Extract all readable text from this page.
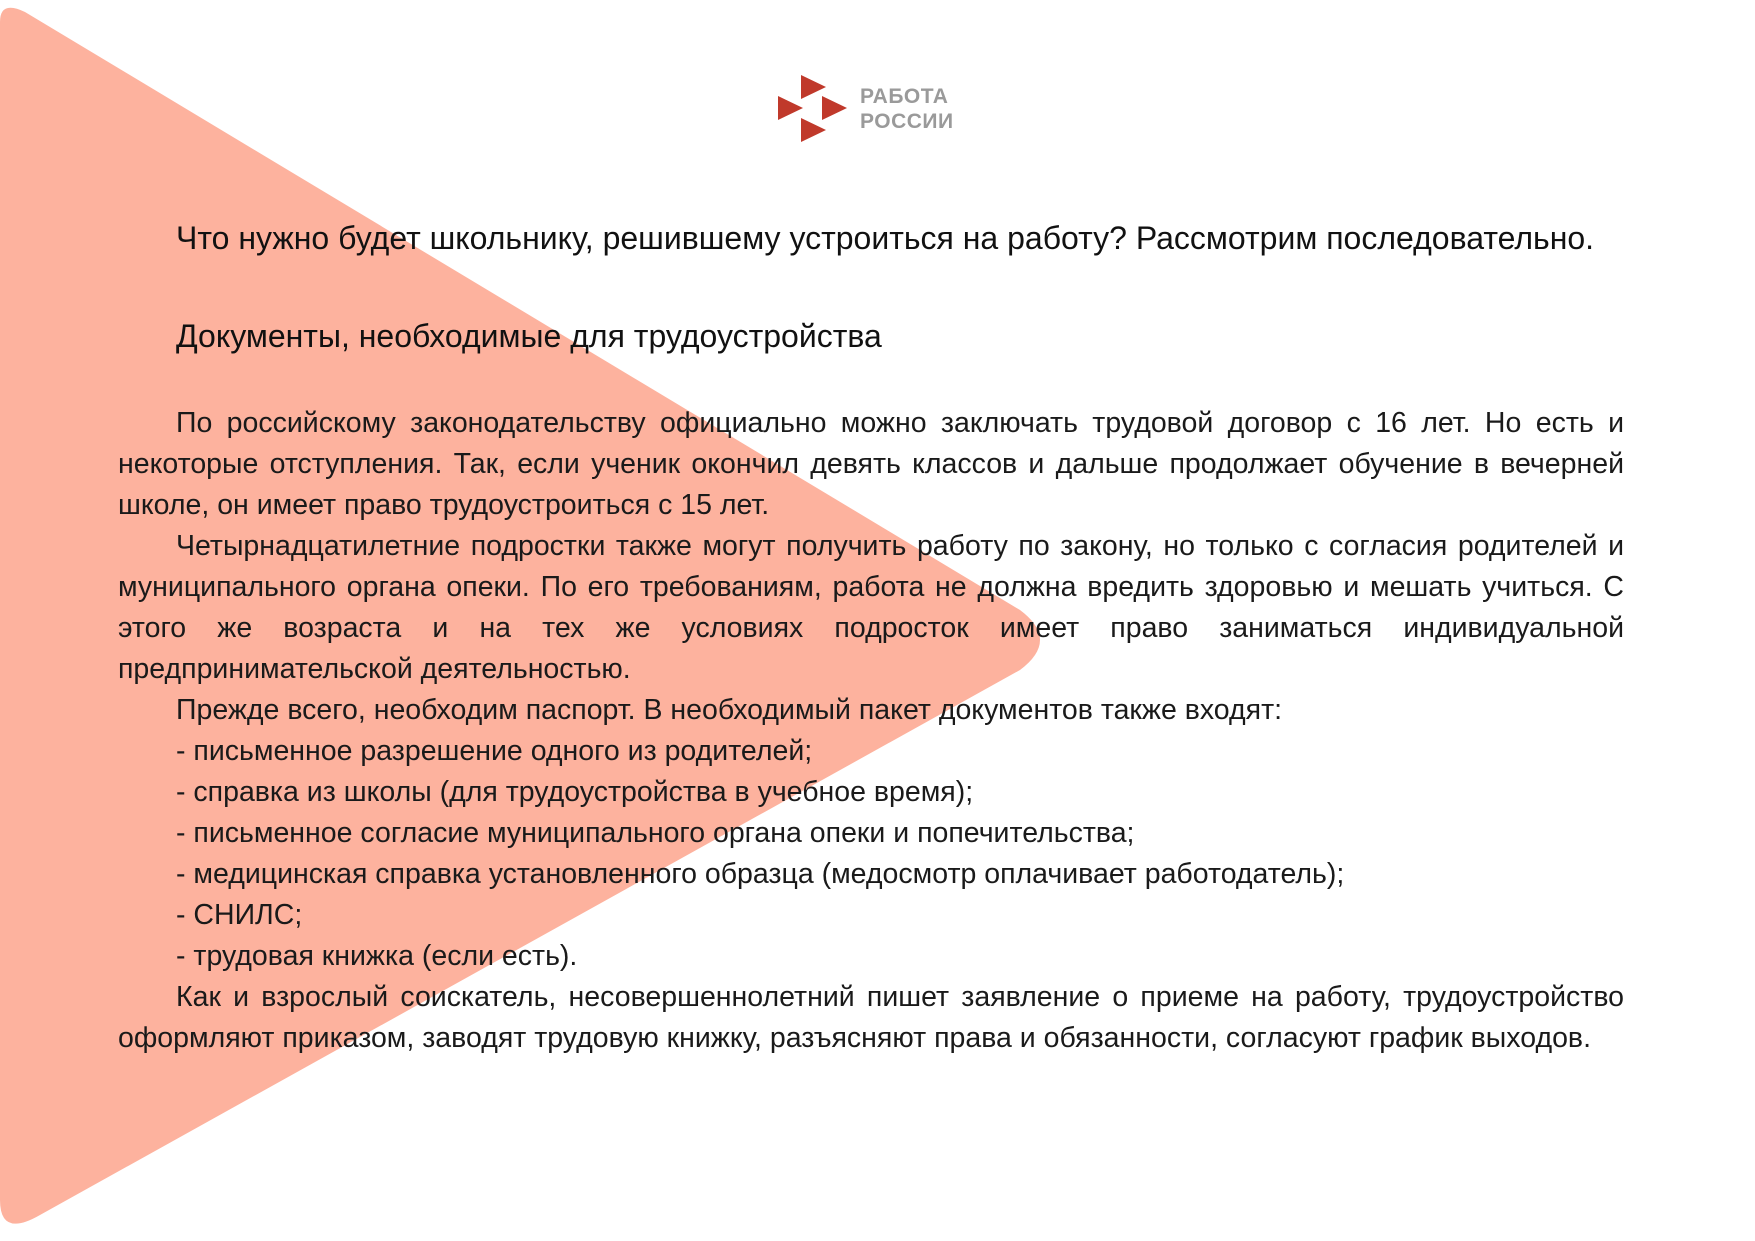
РАБОТА
РОССИИ

Что нужно будет школьнику, решившему устроиться на работу? Рассмотрим последовательно.

Документы, необходимые для трудоустройства

По российскому законодательству официально можно заключать трудовой договор с 16 лет. Но есть и некоторые отступления. Так, если ученик окончил девять классов и дальше продолжает обучение в вечерней школе, он имеет право трудоустроиться с 15 лет.

Четырнадцатилетние подростки также могут получить работу по закону, но только с согласия родителей и муниципального органа опеки. По его требованиям, работа не должна вредить здоровью и мешать учиться. С этого же возраста и на тех же условиях подросток имеет право заниматься индивидуальной предпринимательской деятельностью.

Прежде всего, необходим паспорт. В необходимый пакет документов также входят:

- письменное разрешение одного из родителей;

- справка из школы (для трудоустройства в учебное время);

- письменное согласие муниципального органа опеки и попечительства;

- медицинская справка установленного образца (медосмотр оплачивает работодатель);

- СНИЛС;

- трудовая книжка (если есть).

Как и взрослый соискатель, несовершеннолетний пишет заявление о приеме на работу, трудоустройство оформляют приказом, заводят трудовую книжку, разъясняют права и обязанности, согласуют график выходов.
